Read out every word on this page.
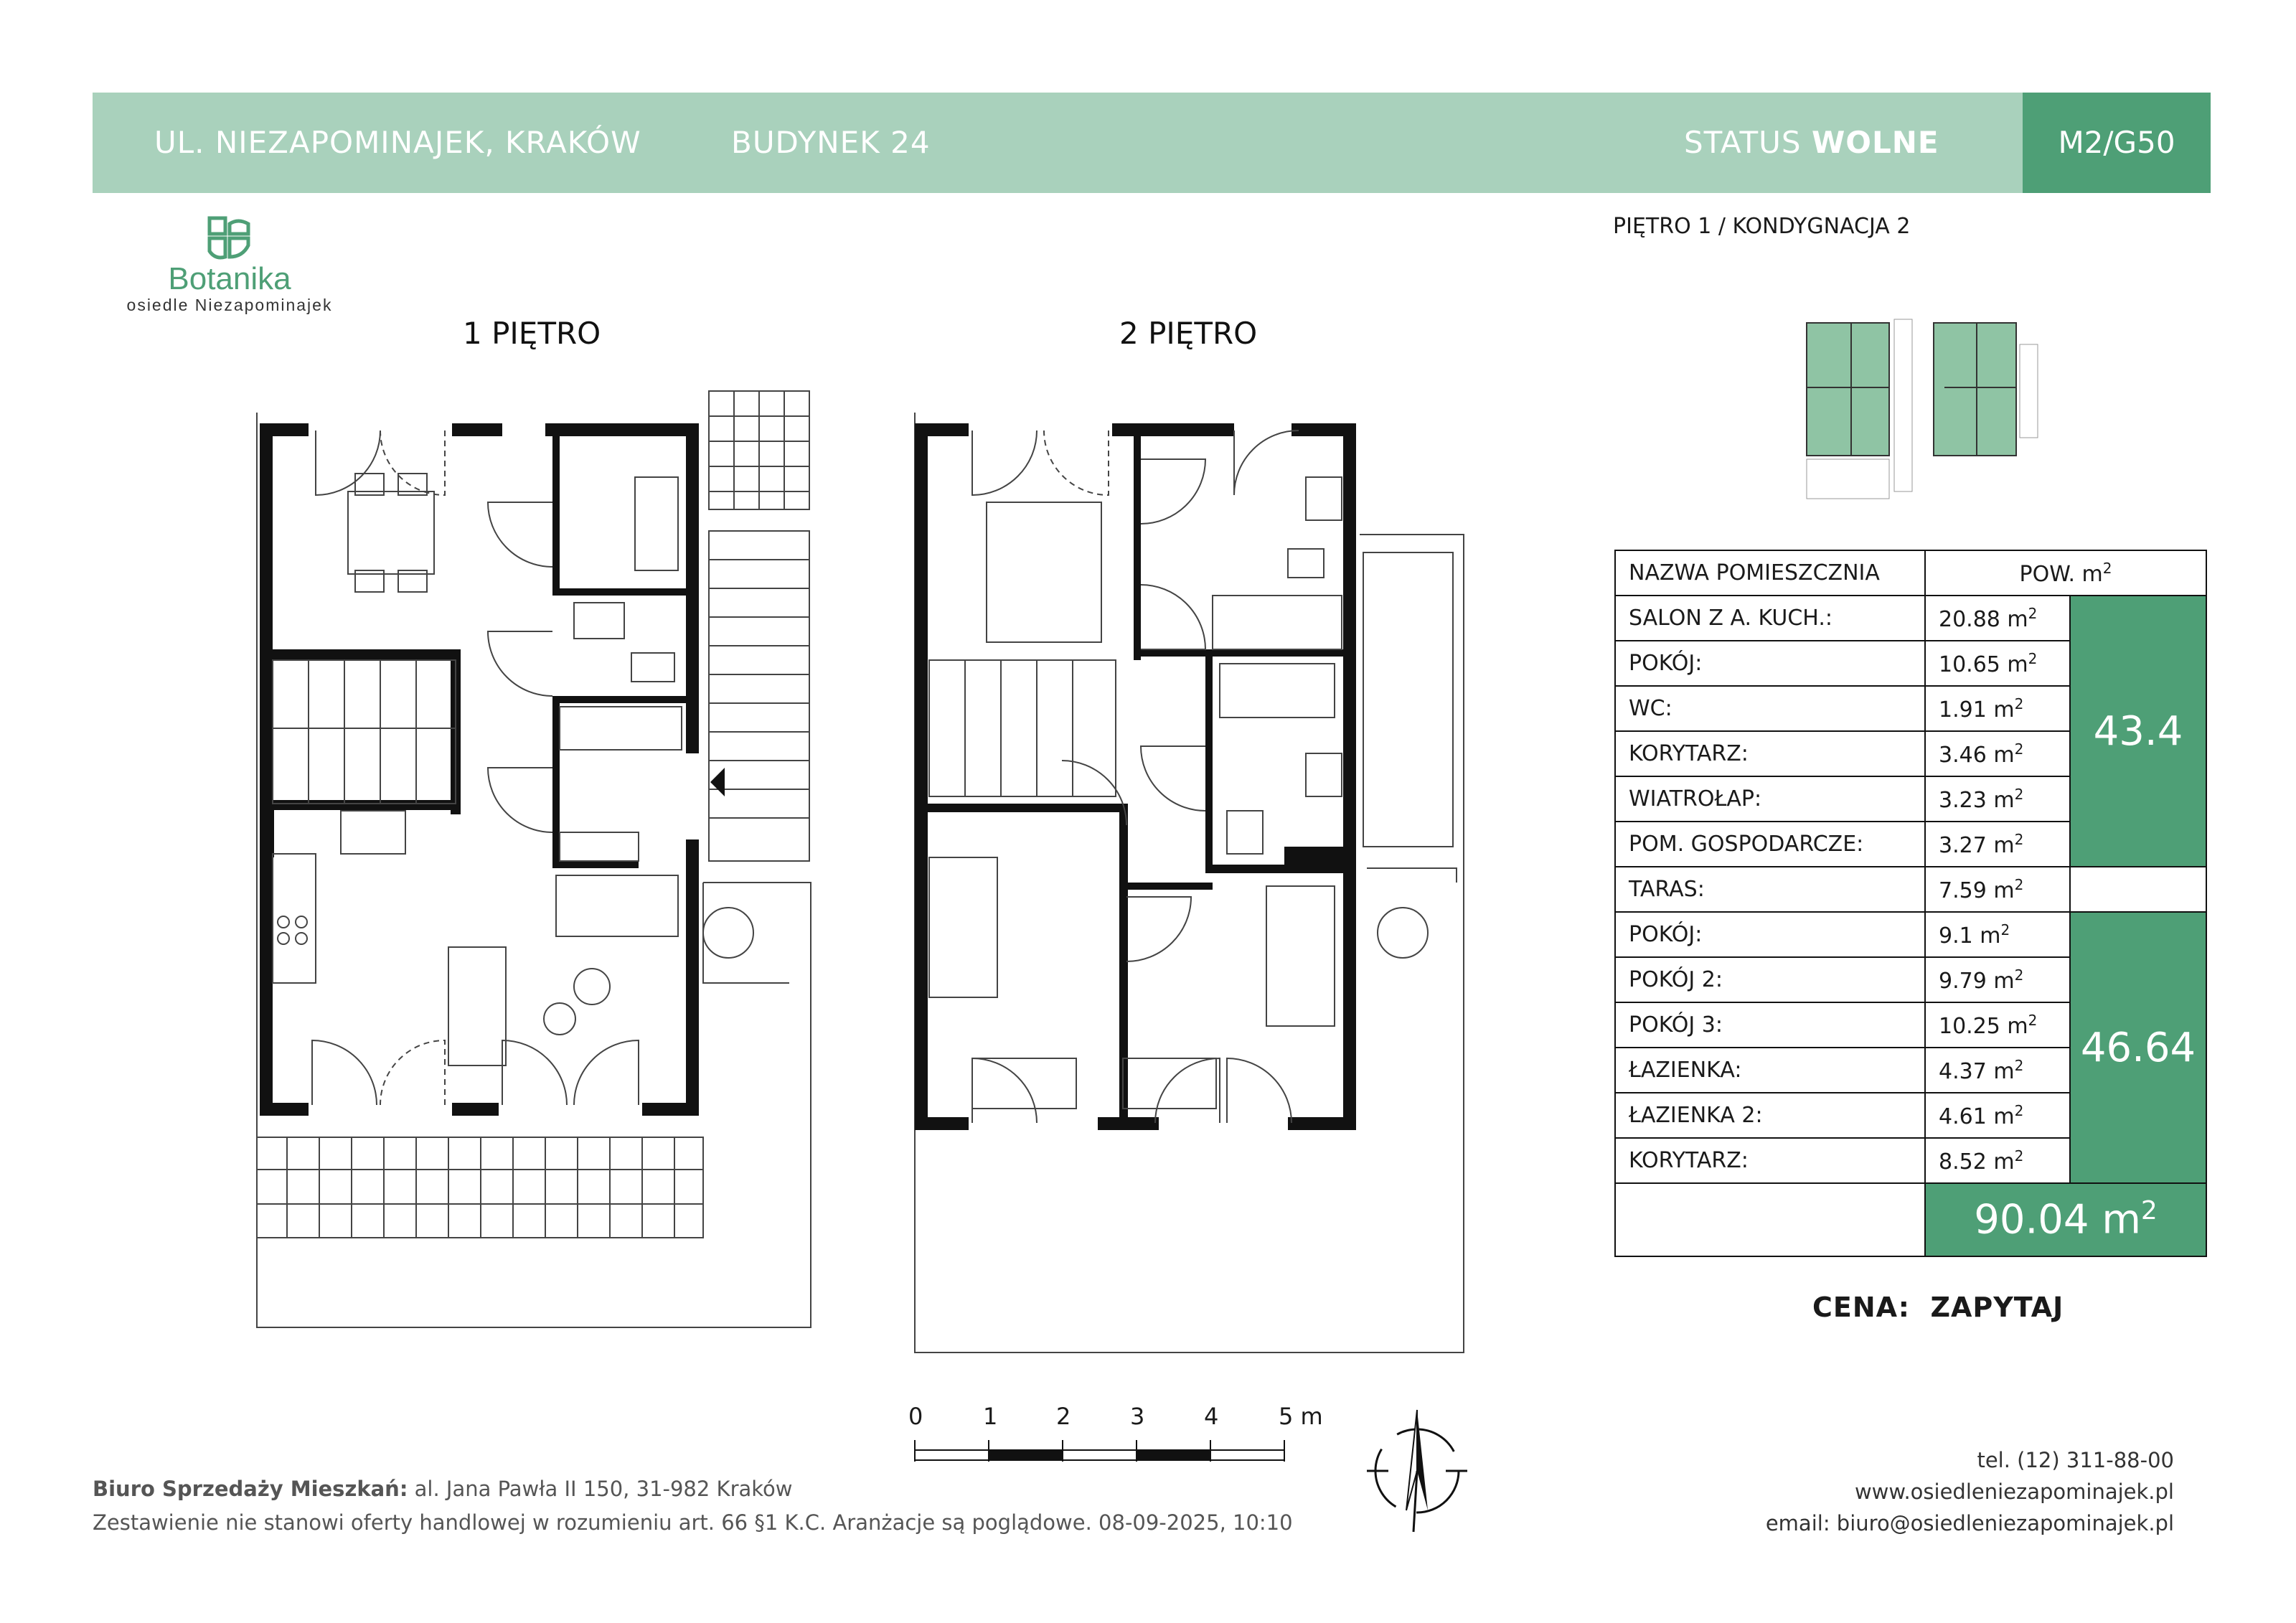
UL. NIEZAPOMINAJEK, KRAKÓW	BUDYNEK 24	STATUS WOLNE	M2/G50
Botanika
osiedle Niezapominajek
1 PIĘTRO	2 PIĘTRO
PIĘTRO 1 / KONDYGNACJA 2
NAZWA POMIESZCZNIA	POW. $m^2$
SALON Z A. KUCH.:	20.88 $m^2$	43.4
POKÓJ:	10.65 $m^2$
WC:	1.91 $m^2$
KORYTARZ:	3.46 $m^2$
WIATROŁAP:	3.23 $m^2$
POM. GOSPODARCZE:	3.27 $m^2$
TARAS:	7.59 $m^2$	
POKÓJ:	9.1 $m^2$	46.64
POKÓJ 2:	9.79 $m^2$
POKÓJ 3:	10.25 $m^2$
ŁAZIENKA:	4.37 $m^2$
ŁAZIENKA 2:	4.61 $m^2$
KORYTARZ:	8.52 $m^2$
	90.04 $m^2$
CENA: ZAPYTAJ
0	1	2	3	4	5 m
Biuro Sprzedaży Mieszkań: al. Jana Pawła II 150, 31-982 Kraków
Zestawienie nie stanowi oferty handlowej w rozumieniu art. 66 §1 K.C. Aranżacje są poglądowe. 08-09-2025, 10:10
tel. (12) 311-88-00
www.osiedleniezapominajek.pl
email: biuro@osiedleniezapominajek.pl
